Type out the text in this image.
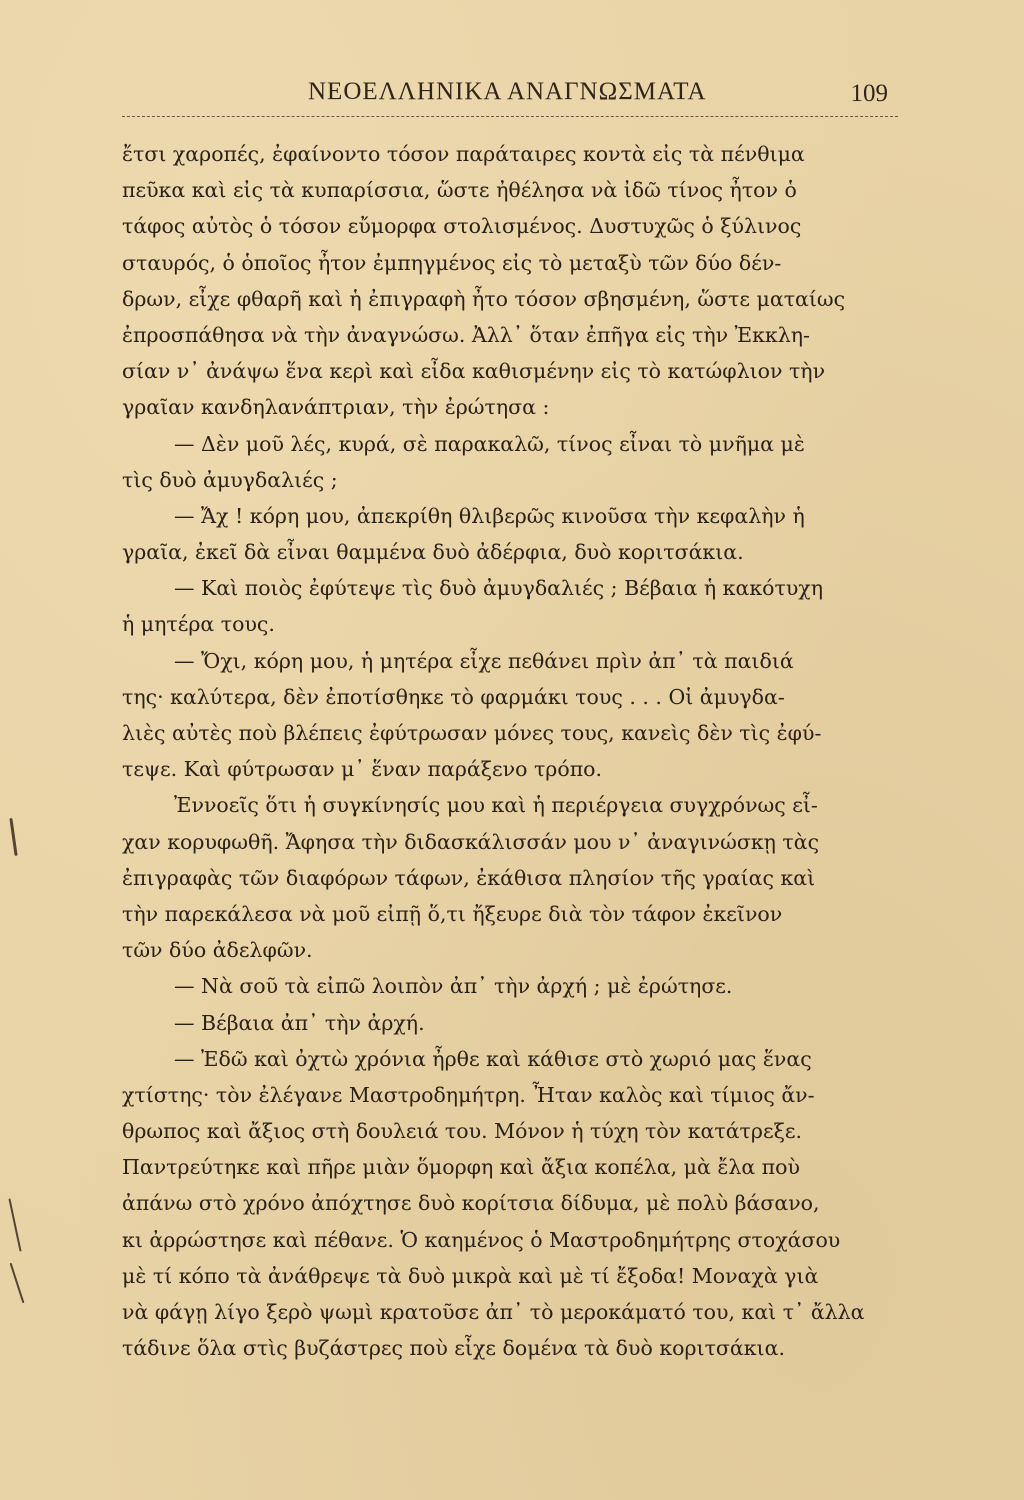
ΝΕΟΕΛΛΗΝΙΚΑ ΑΝΑΓΝΩΣΜΑΤΑ	109
ἔτσι χαροπές, ἐφαίνοντο τόσον παράταιρες κοντὰ εἰς τὰ πένθιμα
πεῦκα καὶ εἰς τὰ κυπαρίσσια, ὥστε ἠθέλησα νὰ ἰδῶ τίνος ἦτον ὁ
τάφος αὐτὸς ὁ τόσον εὔμορφα στολισμένος. Δυστυχῶς ὁ ξύλινος
σταυρός, ὁ ὁποῖος ἦτον ἐμπηγμένος εἰς τὸ μεταξὺ τῶν δύο δέν-
δρων, εἶχε φθαρῆ καὶ ἡ ἐπιγραφὴ ἦτο τόσον σβησμένη, ὥστε ματαίως
ἐπροσπάθησα νὰ τὴν ἀναγνώσω. Ἀλλ᾽ ὅταν ἐπῆγα εἰς τὴν Ἐκκλη-
σίαν ν᾽ ἀνάψω ἕνα κερὶ καὶ εἶδα καθισμένην εἰς τὸ κατώφλιον τὴν
γραῖαν κανδηλανάπτριαν, τὴν ἐρώτησα :
— Δὲν μοῦ λές, κυρά, σὲ παρακαλῶ, τίνος εἶναι τὸ μνῆμα μὲ
τὶς δυὸ ἀμυγδαλιές ;
— Ἄχ ! κόρη μου, ἀπεκρίθη θλιβερῶς κινοῦσα τὴν κεφαλὴν ἡ
γραῖα, ἐκεῖ δὰ εἶναι θαμμένα δυὸ ἀδέρφια, δυὸ κοριτσάκια.
— Καὶ ποιὸς ἐφύτεψε τὶς δυὸ ἀμυγδαλιές ; Βέβαια ἡ κακότυχη
ἡ μητέρα τους.
— Ὄχι, κόρη μου, ἡ μητέρα εἶχε πεθάνει πρὶν ἀπ᾽ τὰ παιδιά
της· καλύτερα, δὲν ἐποτίσθηκε τὸ φαρμάκι τους . . . Οἱ ἀμυγδα-
λιὲς αὐτὲς ποὺ βλέπεις ἐφύτρωσαν μόνες τους, κανεὶς δὲν τὶς ἐφύ-
τεψε. Καὶ φύτρωσαν μ᾽ ἕναν παράξενο τρόπο.
Ἐννοεῖς ὅτι ἡ συγκίνησίς μου καὶ ἡ περιέργεια συγχρόνως εἶ-
χαν κορυφωθῆ. Ἄφησα τὴν διδασκάλισσάν μου ν᾽ ἀναγινώσκῃ τὰς
ἐπιγραφὰς τῶν διαφόρων τάφων, ἐκάθισα πλησίον τῆς γραίας καὶ
τὴν παρεκάλεσα νὰ μοῦ εἰπῇ ὅ,τι ἤξευρε διὰ τὸν τάφον ἐκεῖνον
τῶν δύο ἀδελφῶν.
— Νὰ σοῦ τὰ εἰπῶ λοιπὸν ἀπ᾽ τὴν ἀρχή ; μὲ ἐρώτησε.
— Βέβαια ἀπ᾽ τὴν ἀρχή.
— Ἐδῶ καὶ ὀχτὼ χρόνια ἦρθε καὶ κάθισε στὸ χωριό μας ἕνας
χτίστης· τὸν ἐλέγανε Μαστροδημήτρη. Ἦταν καλὸς καὶ τίμιος ἄν-
θρωπος καὶ ἄξιος στὴ δουλειά του. Μόνον ἡ τύχη τὸν κατάτρεξε.
Παντρεύτηκε καὶ πῆρε μιὰν ὅμορφη καὶ ἄξια κοπέλα, μὰ ἔλα ποὺ
ἀπάνω στὸ χρόνο ἀπόχτησε δυὸ κορίτσια δίδυμα, μὲ πολὺ βάσανο,
κι ἀρρώστησε καὶ πέθανε. Ὁ καημένος ὁ Μαστροδημήτρης στοχάσου
μὲ τί κόπο τὰ ἀνάθρεψε τὰ δυὸ μικρὰ καὶ μὲ τί ἔξοδα! Μοναχὰ γιὰ
νὰ φάγῃ λίγο ξερὸ ψωμὶ κρατοῦσε ἀπ᾽ τὸ μεροκάματό του, καὶ τ᾽ ἄλλα
τάδινε ὅλα στὶς βυζάστρες ποὺ εἶχε δομένα τὰ δυὸ κοριτσάκια.
